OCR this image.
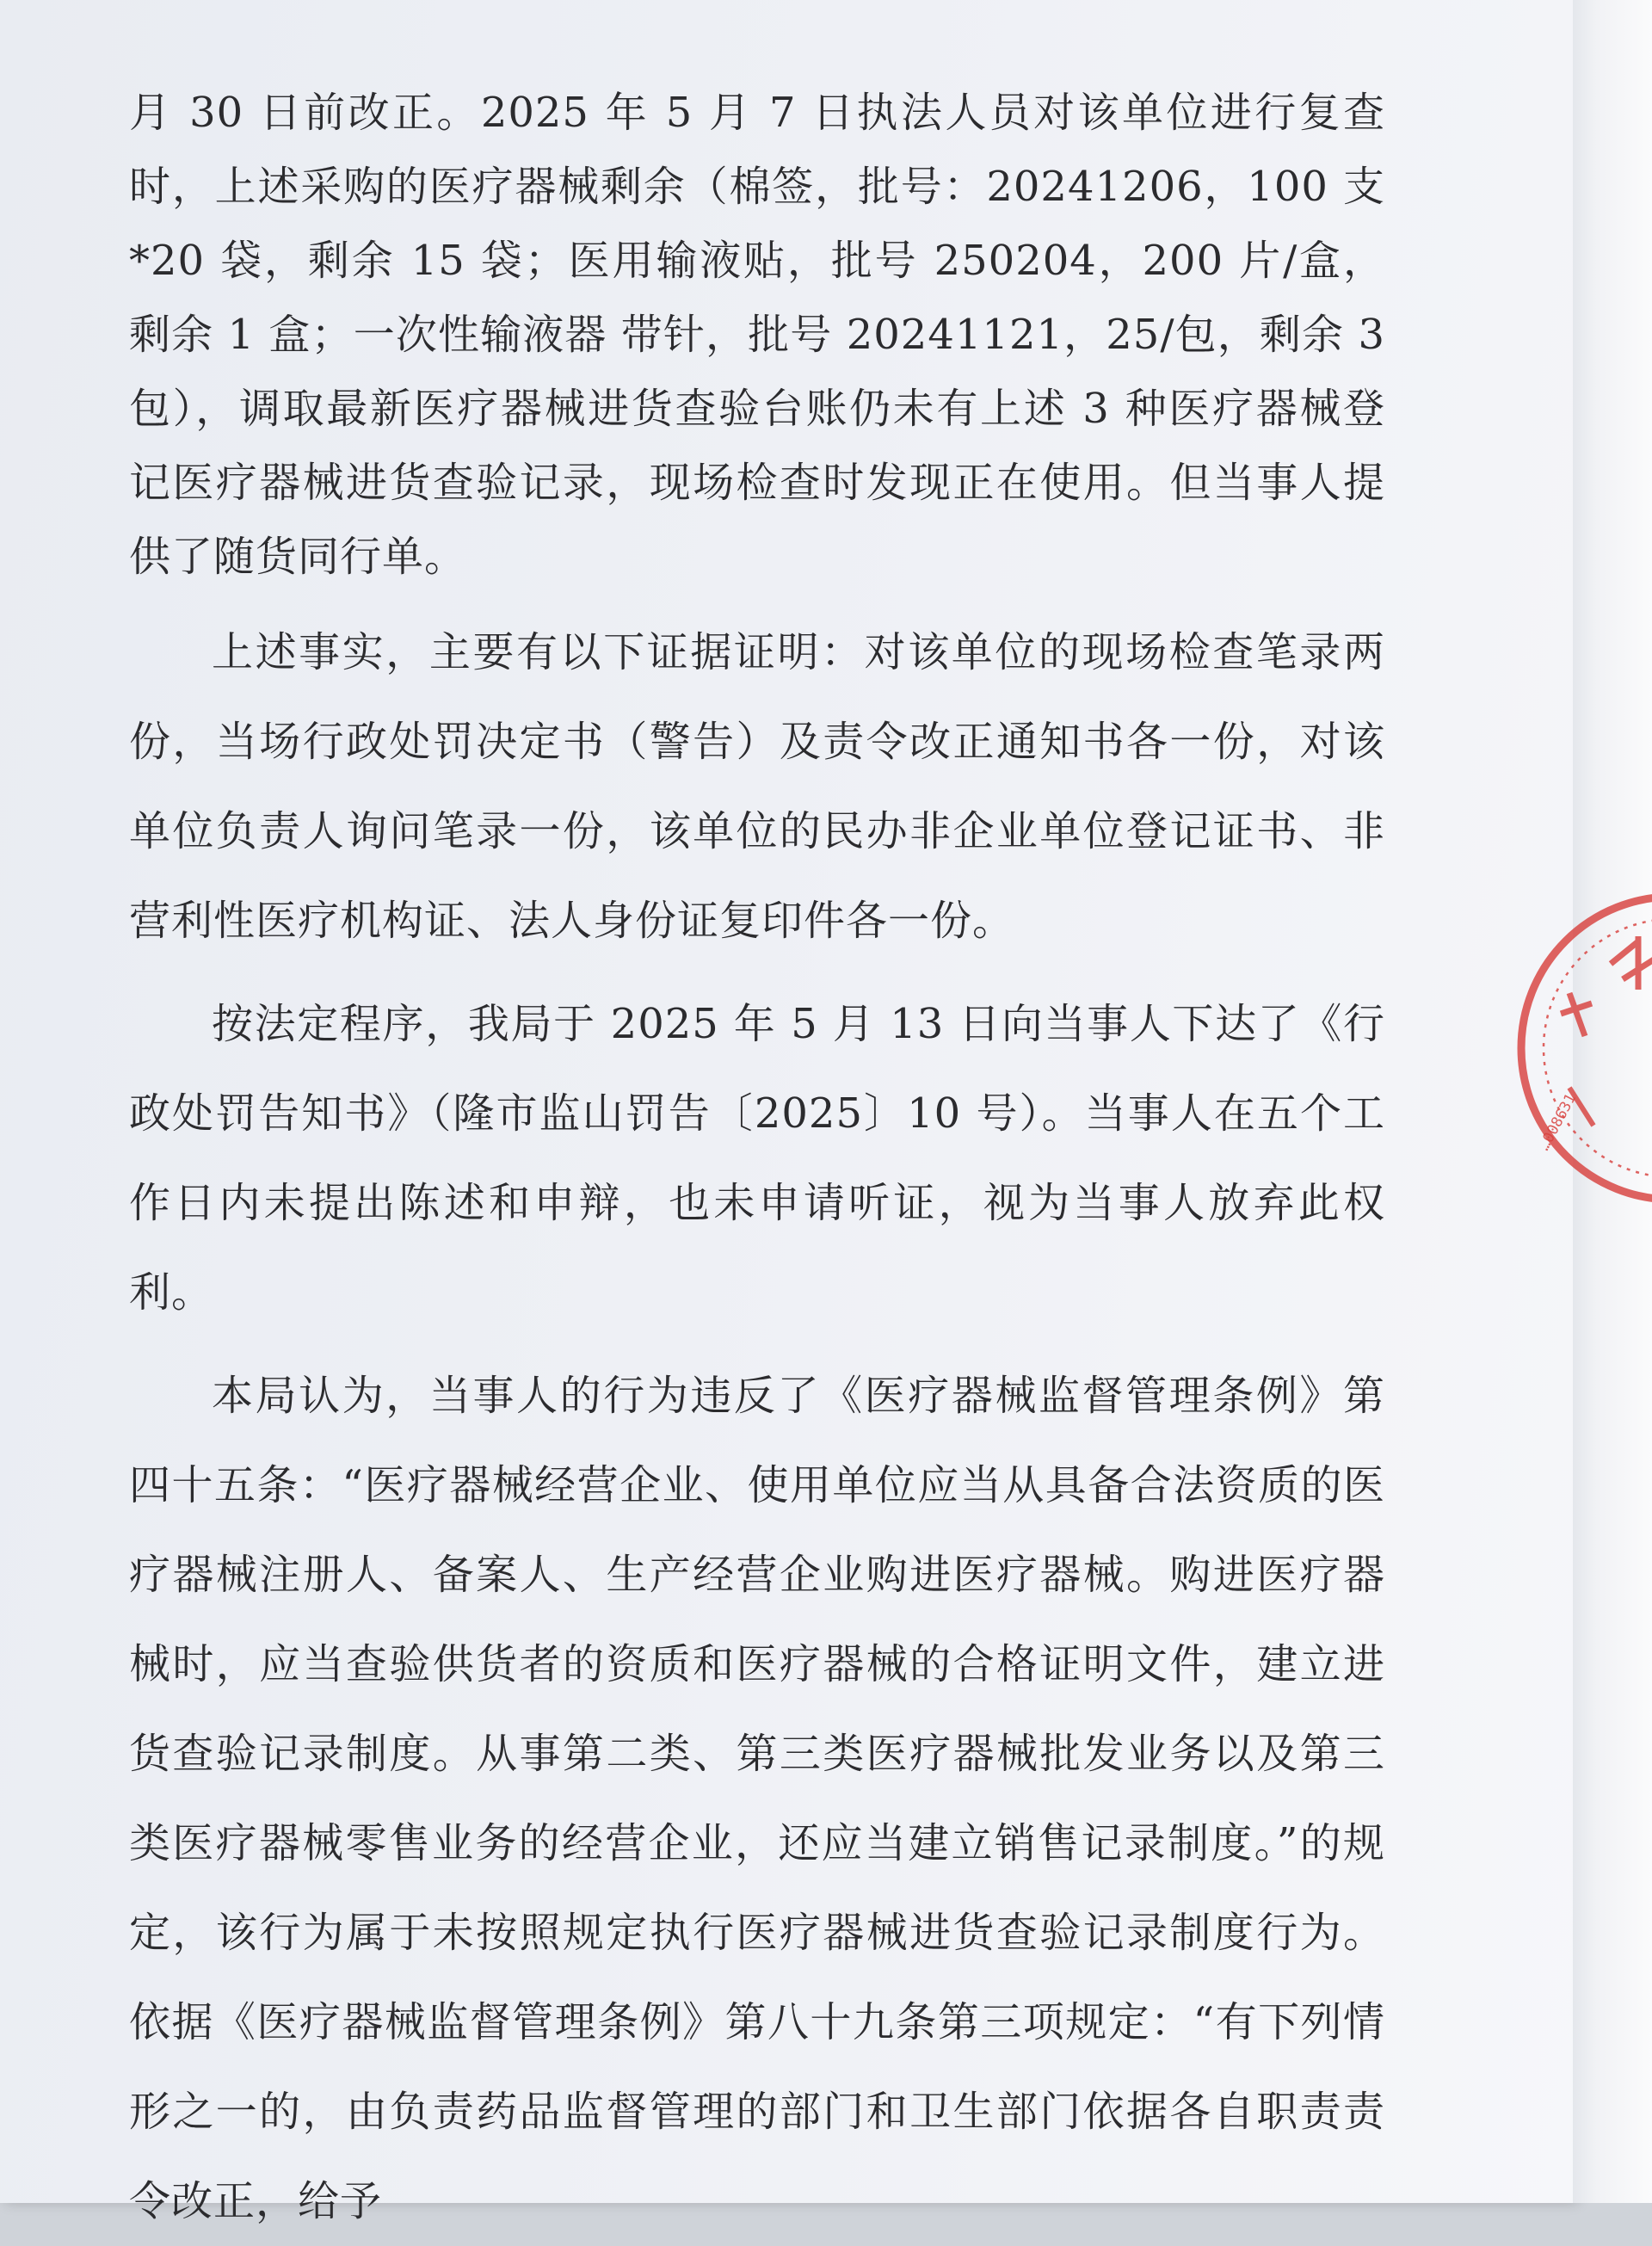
月 30 日前改正。2025 年 5 月 7 日执法人员对该单位进行复查时，上述采购的医疗器械剩余（棉签，批号：20241206，100 支*20 袋，剩余 15 袋；医用输液贴，批号 250204，200 片/盒，剩余 1 盒；一次性输液器 带针，批号 20241121，25/包，剩余 3 包），调取最新医疗器械进货查验台账仍未有上述 3 种医疗器械登记医疗器械进货查验记录，现场检查时发现正在使用。但当事人提供了随货同行单。

上述事实，主要有以下证据证明：对该单位的现场检查笔录两份，当场行政处罚决定书（警告）及责令改正通知书各一份，对该单位负责人询问笔录一份，该单位的民办非企业单位登记证书、非营利性医疗机构证、法人身份证复印件各一份。

按法定程序，我局于 2025 年 5 月 13 日向当事人下达了《行政处罚告知书》（隆市监山罚告〔2025〕10 号）。当事人在五个工作日内未提出陈述和申辩，也未申请听证，视为当事人放弃此权利。

本局认为，当事人的行为违反了《医疗器械监督管理条例》第四十五条：“医疗器械经营企业、使用单位应当从具备合法资质的医疗器械注册人、备案人、生产经营企业购进医疗器械。购进医疗器械时，应当查验供货者的资质和医疗器械的合格证明文件，建立进货查验记录制度。从事第二类、第三类医疗器械批发业务以及第三类医疗器械零售业务的经营企业，还应当建立销售记录制度。”的规定，该行为属于未按照规定执行医疗器械进货查验记录制度行为。依据《医疗器械监督管理条例》第八十九条第三项规定：“有下列情形之一的，由负责药品监督管理的部门和卫生部门依据各自职责责令改正，给予

…008631
